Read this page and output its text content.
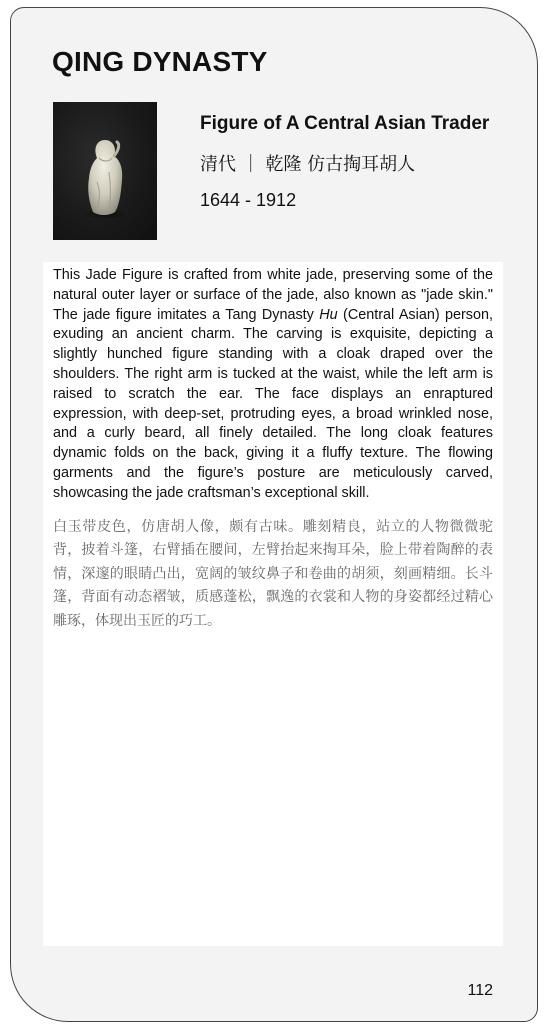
QING DYNASTY

Figure of A Central Asian Trader

清代 ｜ 乾隆 仿古掏耳胡人
1644 - 1912

This Jade Figure is crafted from white jade, preserving some of the natural outer layer or surface of the jade, also known as "jade skin." The jade figure imitates a Tang Dynasty Hu (Central Asian) person, exuding an ancient charm. The carving is exquisite, depicting a slightly hunched figure standing with a cloak draped over the shoulders. The right arm is tucked at the waist, while the left arm is raised to scratch the ear. The face displays an enraptured expression, with deep-set, protruding eyes, a broad wrinkled nose, and a curly beard, all finely detailed. The long cloak features dynamic folds on the back, giving it a fluffy texture. The flowing garments and the figure’s posture are meticulously carved, showcasing the jade craftsman’s exceptional skill.

白玉带皮色，仿唐胡人像，颇有古味。雕刻精良，站立的人物微微驼背，披着斗篷，右臂插在腰间，左臂抬起来掏耳朵，脸上带着陶醉的表情，深邃的眼睛凸出，宽阔的皱纹鼻子和卷曲的胡须，刻画精细。长斗篷，背面有动态褶皱，质感蓬松，飘逸的衣裳和人物的身姿都经过精心雕琢，体现出玉匠的巧工。

112
